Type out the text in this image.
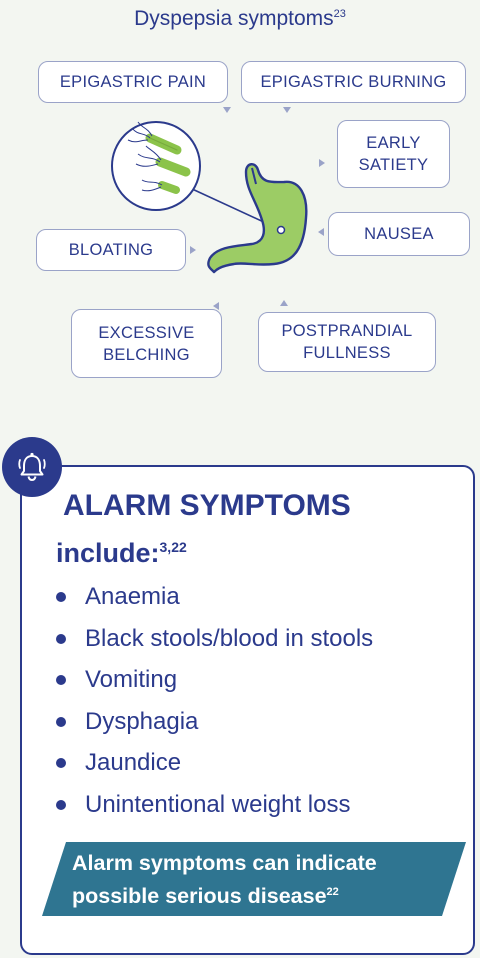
Dyspepsia symptoms$^{23}$
EPIGASTRIC PAIN	EPIGASTRIC BURNING
EARLY SATIETY
NAUSEA
BLOATING
POSTPRANDIAL FULLNESS
EXCESSIVE BELCHING
ALARM SYMPTOMS
include:$^{3,22}$
Anaemia
Black stools/blood in stools
Vomiting
Dysphagia
Jaundice
Unintentional weight loss
Alarm symptoms can indicate
possible serious disease$^{22}$
